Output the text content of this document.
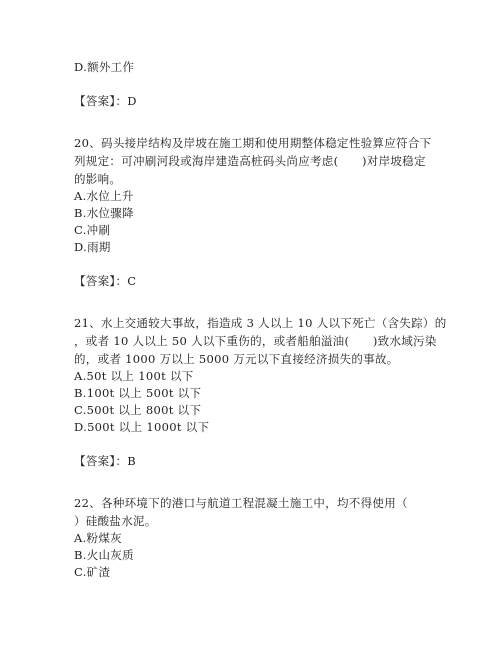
D.额外工作
【答案】：D
20、码头接岸结构及岸坡在施工期和使用期整体稳定性验算应符合下
列规定：可冲刷河段或海岸建造高桩码头尚应考虑(　　)对岸坡稳定
的影响。
A.水位上升
B.水位骤降
C.冲刷
D.雨期
【答案】：C
21、水上交通较大事故，指造成 3 人以上 10 人以下死亡（含失踪）的
，或者 10 人以上 50 人以下重伤的，或者船舶溢油(　　)致水域污染
的，或者 1000 万以上 5000 万元以下直接经济损失的事故。
A.50t 以上 100t 以下
B.100t 以上 500t 以下
C.500t 以上 800t 以下
D.500t 以上 1000t 以下
【答案】：B
22、各种环境下的港口与航道工程混凝土施工中，均不得使用（
）硅酸盐水泥。
A.粉煤灰
B.火山灰质
C.矿渣
